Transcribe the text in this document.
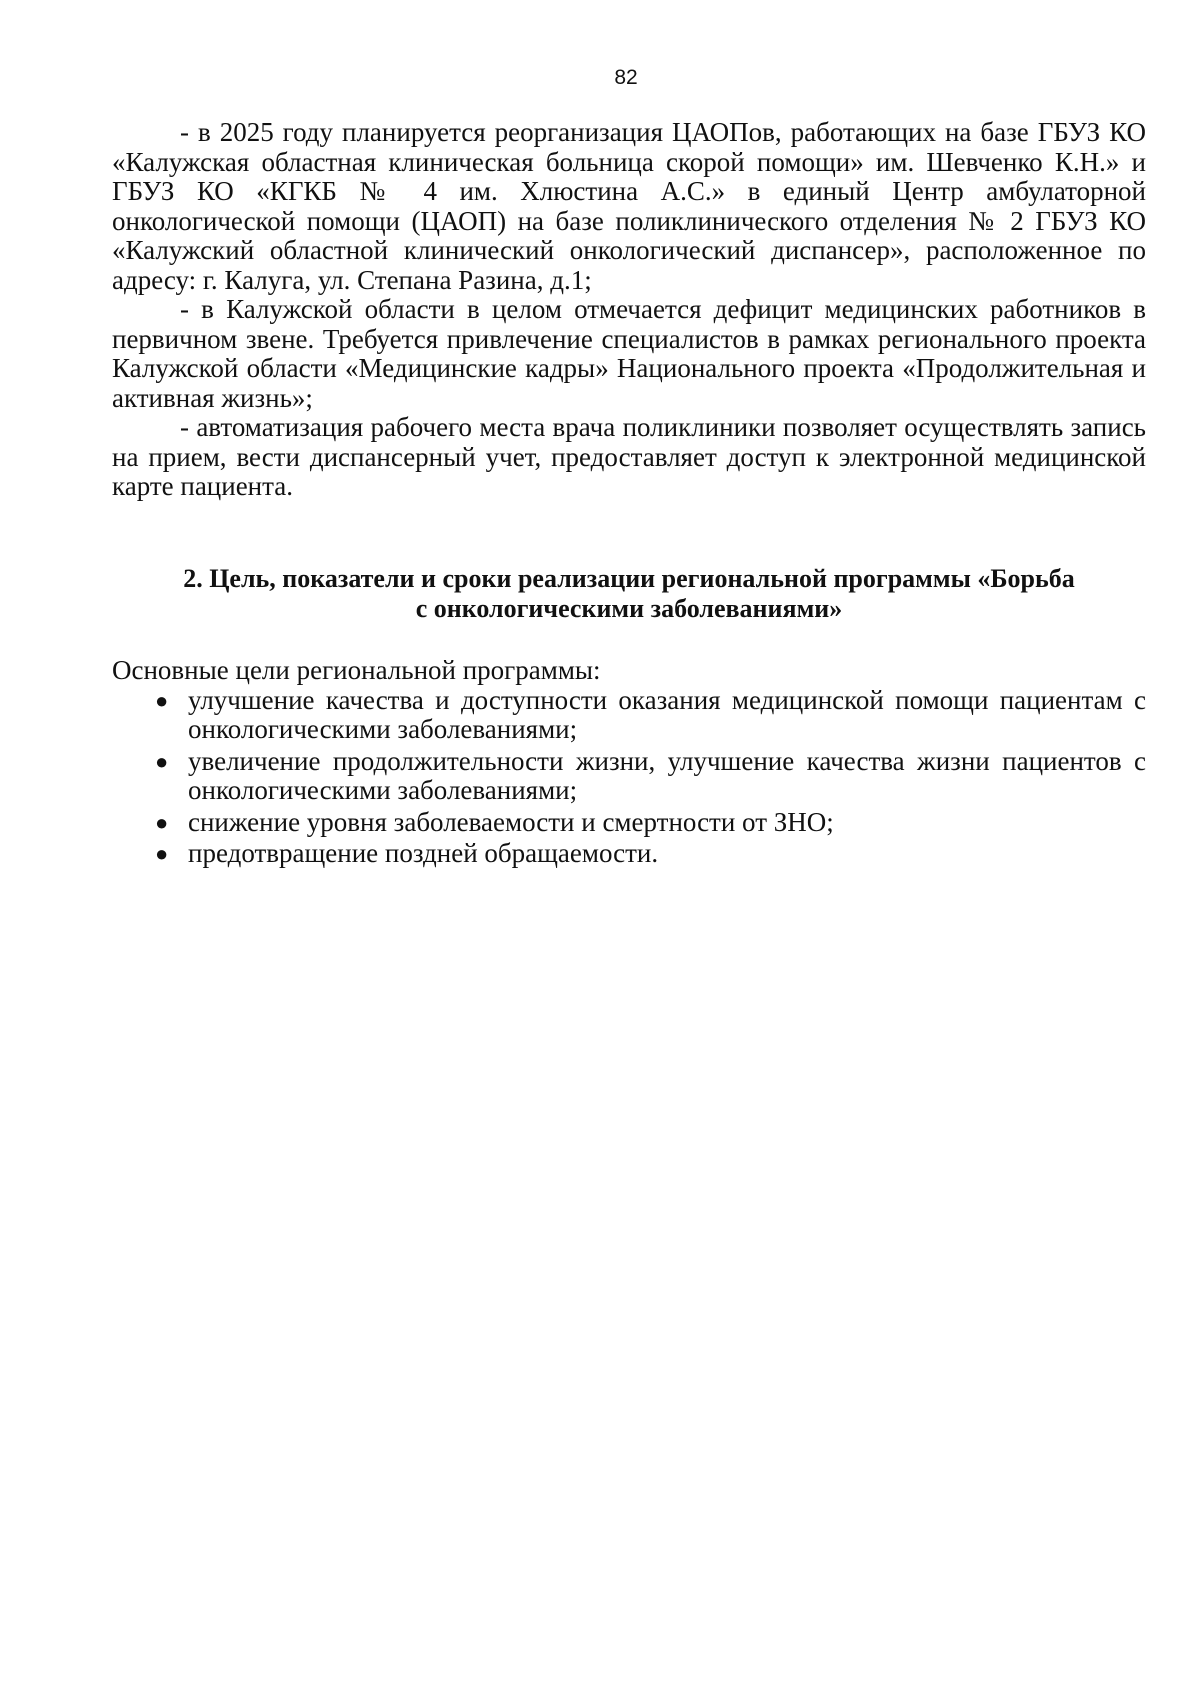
82

- в 2025 году планируется реорганизация ЦАОПов, работающих на базе ГБУЗ КО «Калужская областная клиническая больница скорой помощи» им. Шевченко К.Н.» и ГБУЗ КО «КГКБ № 4 им. Хлюстина А.С.» в единый Центр амбулаторной онкологической помощи (ЦАОП) на базе поликлинического отделения № 2 ГБУЗ КО «Калужский областной клинический онкологический диспансер», расположенное по адресу: г. Калуга, ул. Степана Разина, д.1;

- в Калужской области в целом отмечается дефицит медицинских работников в первичном звене. Требуется привлечение специалистов в рамках регионального проекта Калужской области «Медицинские кадры» Национального проекта «Продолжительная и активная жизнь»;

- автоматизация рабочего места врача поликлиники позволяет осуществлять запись на прием, вести диспансерный учет, предоставляет доступ к электронной медицинской карте пациента.

2. Цель, показатели и сроки реализации региональной программы «Борьба
с онкологическими заболеваниями»

Основные цели региональной программы:

● улучшение качества и доступности оказания медицинской помощи пациентам с онкологическими заболеваниями;
● увеличение продолжительности жизни, улучшение качества жизни пациентов с онкологическими заболеваниями;
● снижение уровня заболеваемости и смертности от ЗНО;
● предотвращение поздней обращаемости.
